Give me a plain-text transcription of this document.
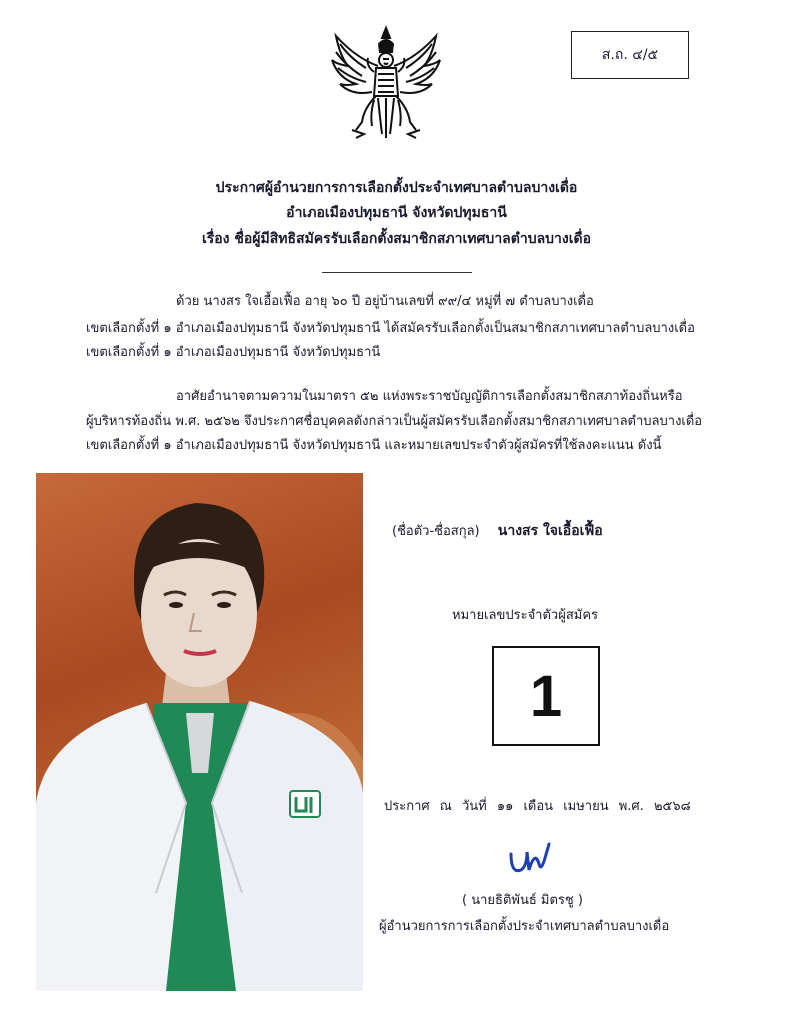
ส.ถ. ๔/๕
ประกาศผู้อำนวยการการเลือกตั้งประจำเทศบาลตำบลบางเดื่อ
อำเภอเมืองปทุมธานี จังหวัดปทุมธานี
เรื่อง ชื่อผู้มีสิทธิสมัครรับเลือกตั้งสมาชิกสภาเทศบาลตำบลบางเดื่อ
ด้วย นางสร ใจเอื้อเฟื้อ อายุ ๖๐ ปี อยู่บ้านเลขที่ ๙๙/๔ หมู่ที่ ๗ ตำบลบางเดื่อ
เขตเลือกตั้งที่ ๑ อำเภอเมืองปทุมธานี จังหวัดปทุมธานี ได้สมัครรับเลือกตั้งเป็นสมาชิกสภาเทศบาลตำบลบางเดื่อ
เขตเลือกตั้งที่ ๑ อำเภอเมืองปทุมธานี จังหวัดปทุมธานี
อาศัยอำนาจตามความในมาตรา ๕๒ แห่งพระราชบัญญัติการเลือกตั้งสมาชิกสภาท้องถิ่นหรือ
ผู้บริหารท้องถิ่น พ.ศ. ๒๕๖๒ จึงประกาศชื่อบุคคลดังกล่าวเป็นผู้สมัครรับเลือกตั้งสมาชิกสภาเทศบาลตำบลบางเดื่อ
เขตเลือกตั้งที่ ๑ อำเภอเมืองปทุมธานี จังหวัดปทุมธานี และหมายเลขประจำตัวผู้สมัครที่ใช้ลงคะแนน ดังนี้
(ชื่อตัว-ชื่อสกุล) นางสร ใจเอื้อเฟื้อ
หมายเลขประจำตัวผู้สมัคร
1
ประกาศ ณ วันที่ ๑๑ เดือน เมษายน พ.ศ. ๒๕๖๘
( นายธิติพันธ์ มิตรชู )
ผู้อำนวยการการเลือกตั้งประจำเทศบาลตำบลบางเดื่อ
